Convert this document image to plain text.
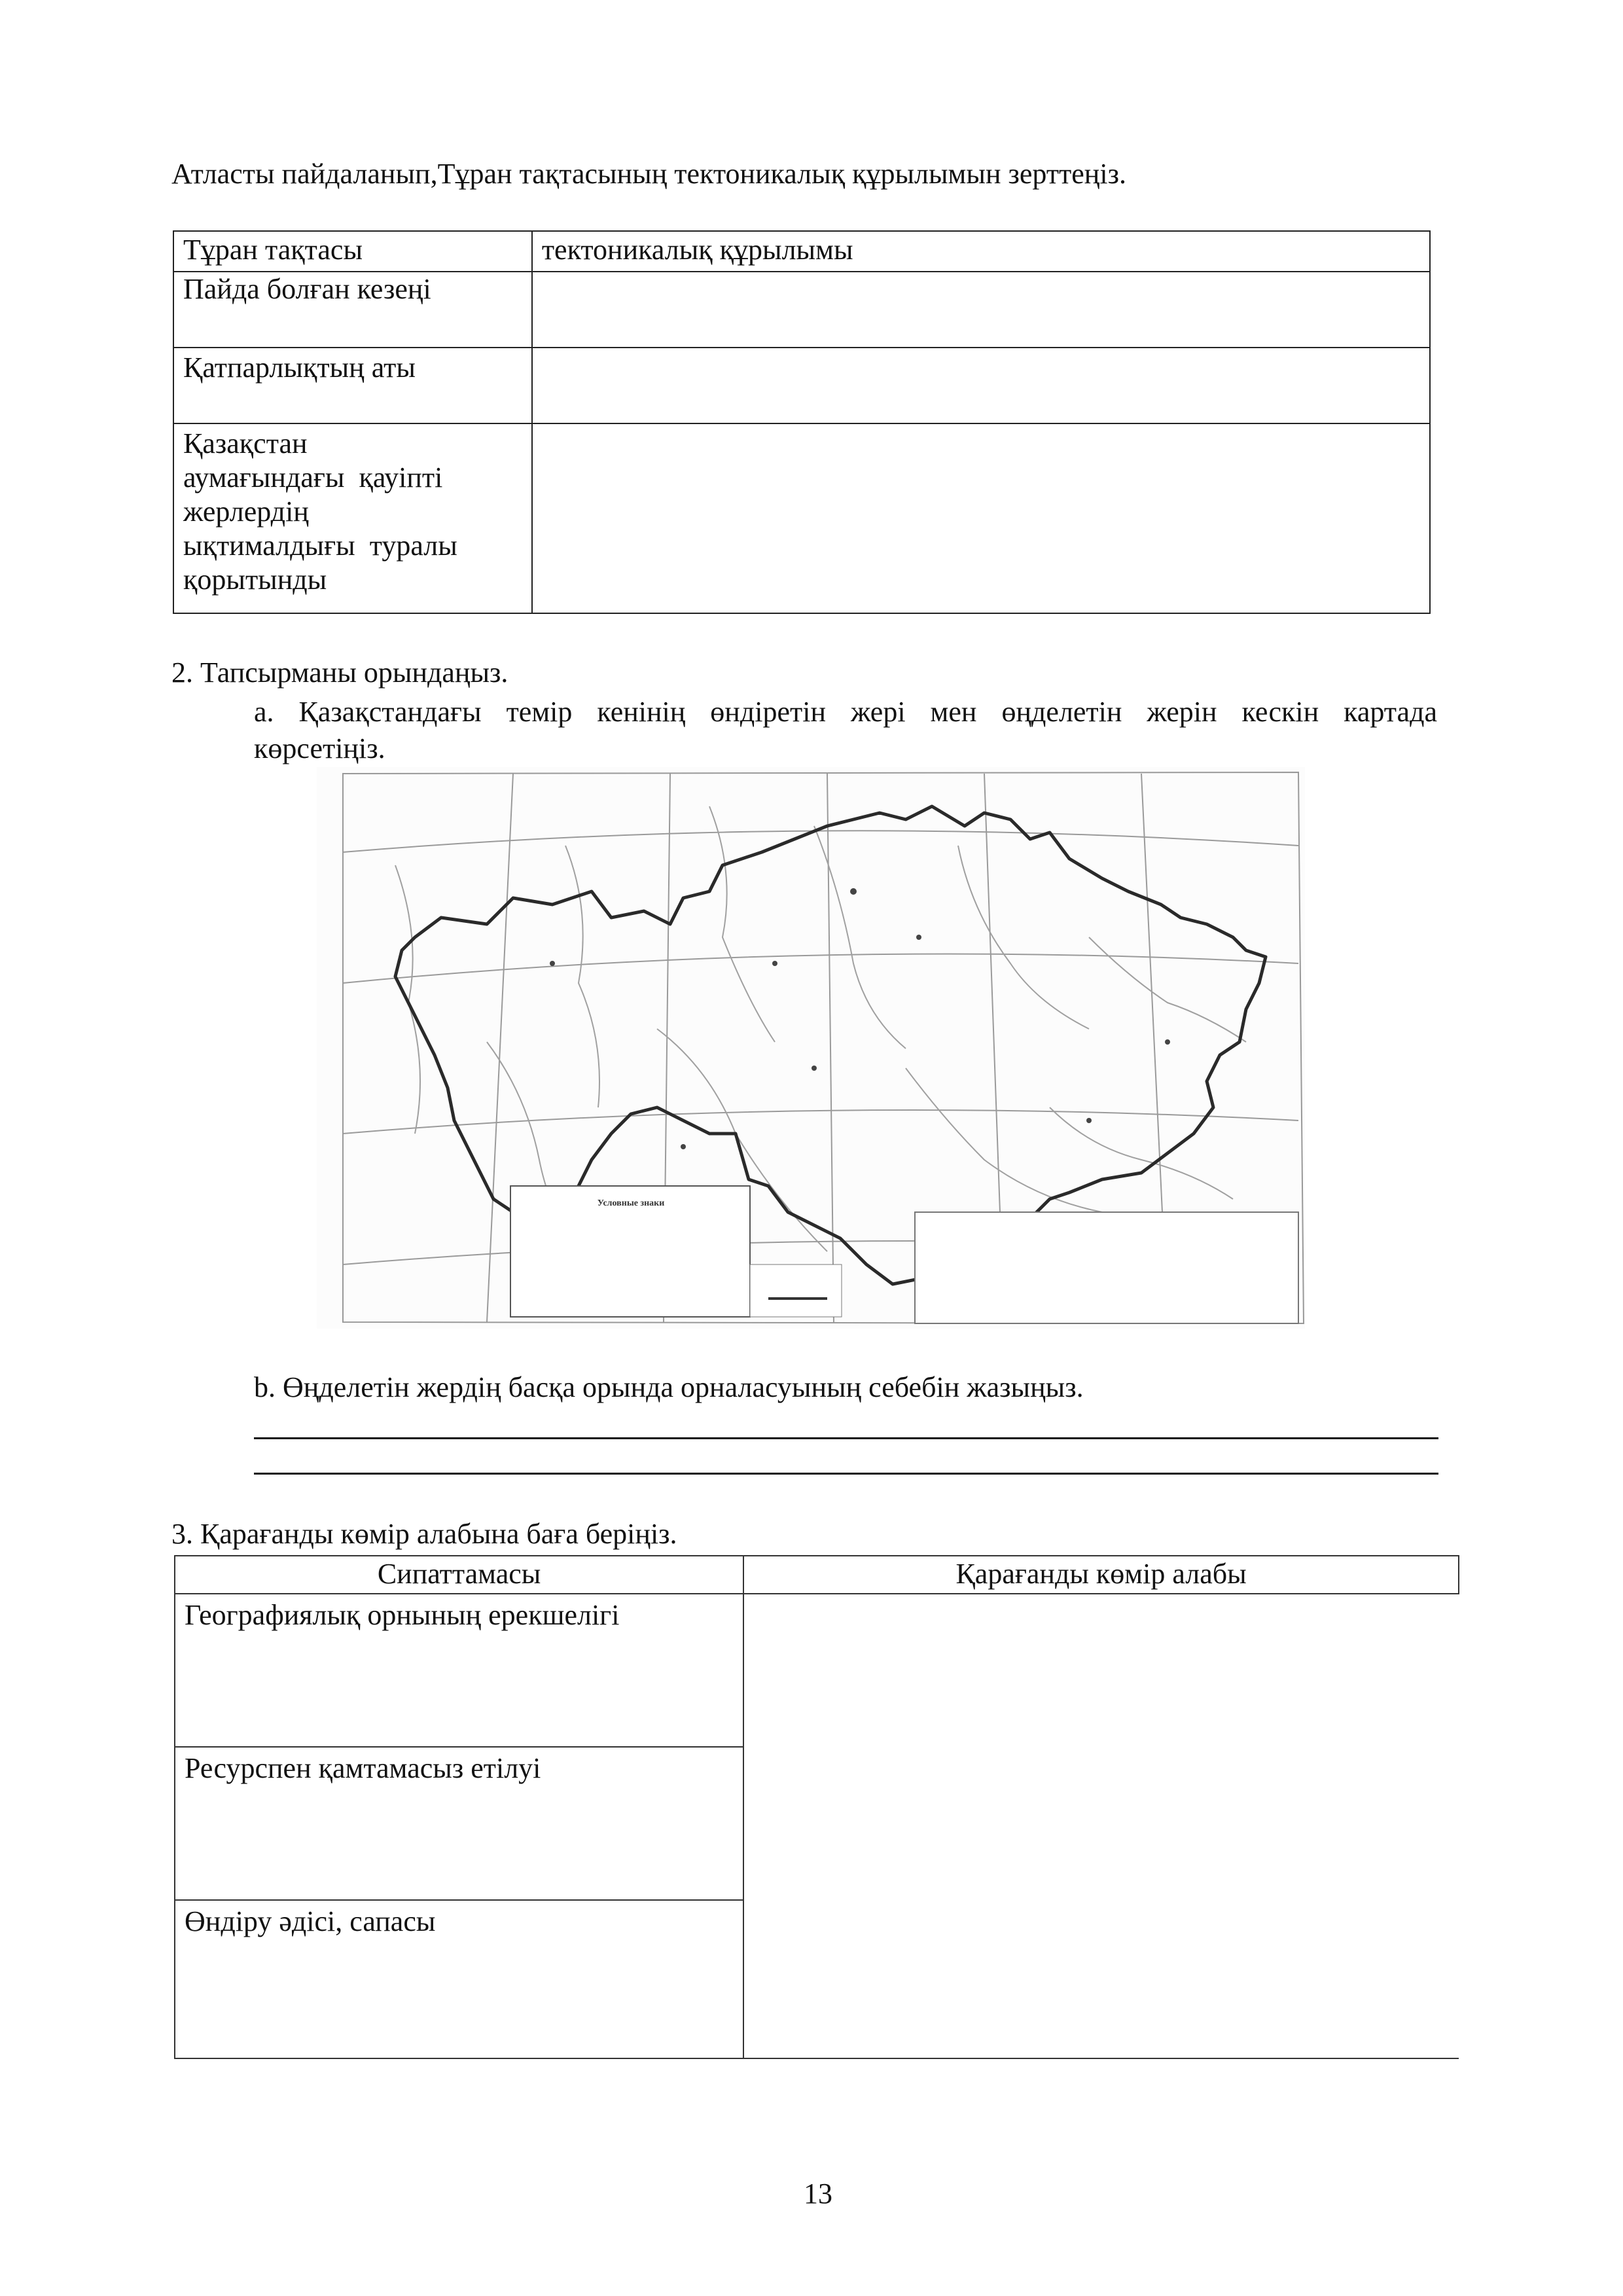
Атласты пайдаланып,Тұран тақтасының тектоникалық құрылымын зерттеңіз.
Тұран тақтасы	тектоникалық құрылымы
Пайда болған кезеңі	
Қатпарлықтың аты	

Қазақстан
аумағындағы  қауіпті
жерлердің
ықтималдығы  туралы
қорытынды	

2. Тапсырманы орындаңыз.
a. Қазақстандағы темір кенінің өндіретін жері мен өңделетін жерін кескін картада
көрсетіңіз.
Условные знаки
b. Өңделетін жердің басқа орында орналасуының себебін жазыңыз.
3. Қарағанды көмір алабына баға беріңіз.
Сипаттамасы	Қарағанды көмір алабы
Географиялық орнының ерекшелігі	
Ресурспен қамтамасыз етілуі	
Өндіру әдісі, сапасы	
13
